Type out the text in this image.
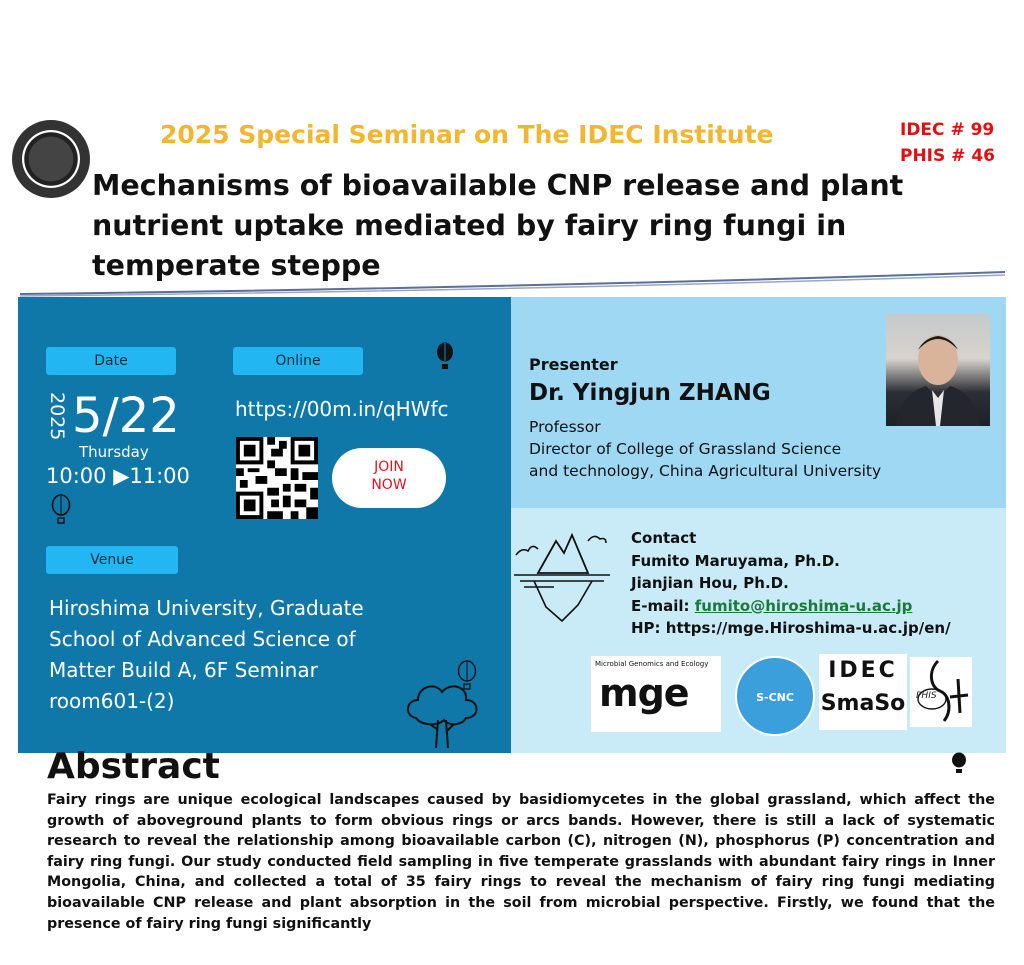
2025 Special Seminar on The IDEC Institute	IDEC # 99
PHIS # 46
Mechanisms of bioavailable CNP release and plant
nutrient uptake mediated by fairy ring fungi in
temperate steppe
Date	Online
2025 5/22
Thursday
10:00 ▶11:00
https://00m.in/qHWfc
JOIN
NOW
Venue
Hiroshima University, Graduate
School of Advanced Science of
Matter Build A, 6F Seminar
room601-(2)
Presenter
Dr. Yingjun ZHANG
Professor
Director of College of Grassland Science
and technology, China Agricultural University
Contact
Fumito Maruyama, Ph.D.
Jianjian Hou, Ph.D.
E-mail: fumito@hiroshima-u.ac.jp
HP: https://mge.Hiroshima-u.ac.jp/en/
Microbial Genomics and Ecology
mge	S-CNC
IDEC
SmaSo PHIS
Abstract
Fairy rings are unique ecological landscapes caused by basidiomycetes in the global grassland, which affect the growth of aboveground plants to form obvious rings or arcs bands. However, there is still a lack of systematic research to reveal the relationship among bioavailable carbon (C), nitrogen (N), phosphorus (P) concentration and fairy ring fungi. Our study conducted field sampling in five temperate grasslands with abundant fairy rings in Inner Mongolia, China, and collected a total of 35 fairy rings to reveal the mechanism of fairy ring fungi mediating bioavailable CNP release and plant absorption in the soil from microbial perspective. Firstly, we found that the presence of fairy ring fungi significantly
